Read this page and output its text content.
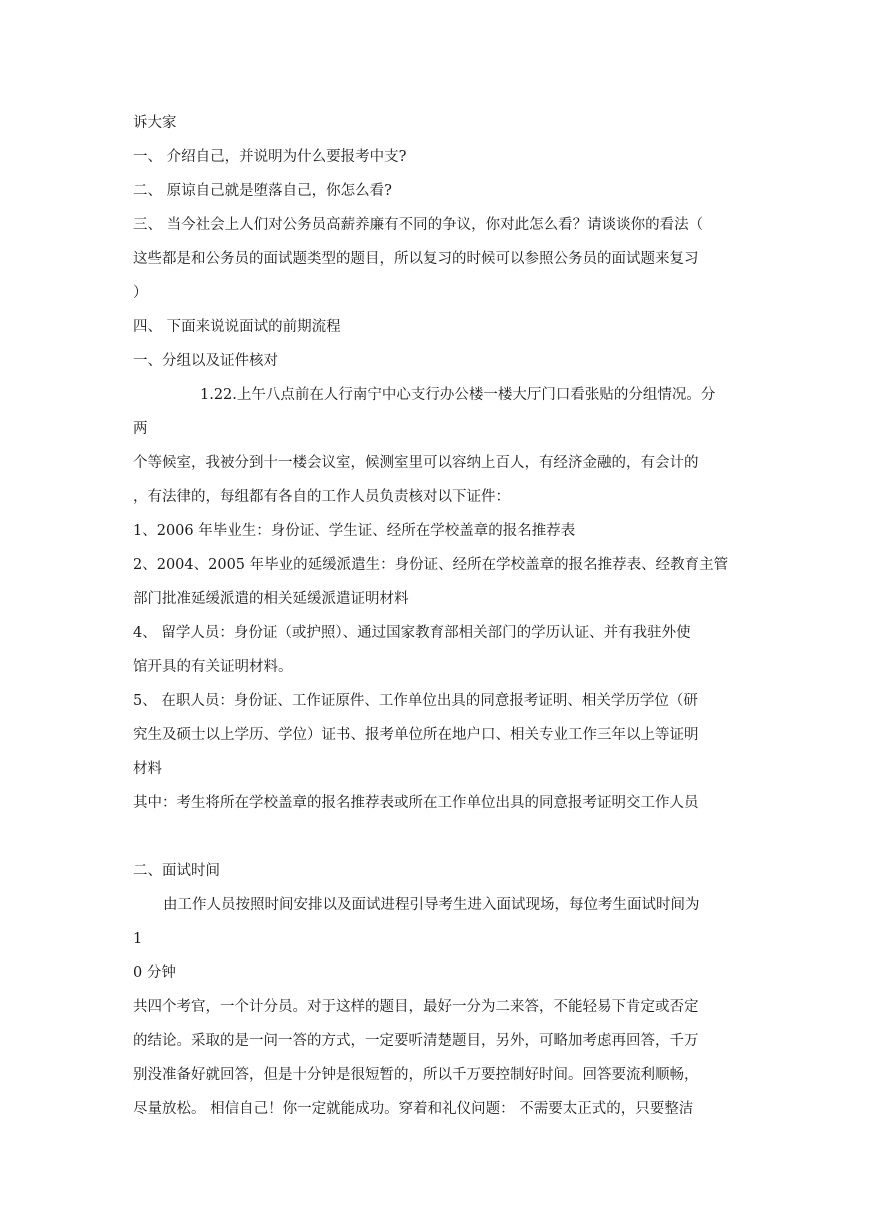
诉大家
一、 介绍自己，并说明为什么要报考中支?
二、 原谅自己就是堕落自己，你怎么看?
三、 当今社会上人们对公务员高薪养廉有不同的争议，你对此怎么看？请谈谈你的看法（
这些都是和公务员的面试题类型的题目，所以复习的时候可以参照公务员的面试题来复习
）
四、 下面来说说面试的前期流程
一、分组以及证件核对
1.22.上午八点前在人行南宁中心支行办公楼一楼大厅门口看张贴的分组情况。分
两
个等候室，我被分到十一楼会议室，候测室里可以容纳上百人，有经济金融的，有会计的
，有法律的，每组都有各自的工作人员负责核对以下证件：
1、2006 年毕业生：身份证、学生证、经所在学校盖章的报名推荐表
2、2004、2005 年毕业的延缓派遣生：身份证、经所在学校盖章的报名推荐表、经教育主管
部门批准延缓派遣的相关延缓派遣证明材料
4、 留学人员：身份证（或护照）、通过国家教育部相关部门的学历认证、并有我驻外使
馆开具的有关证明材料。
5、 在职人员：身份证、工作证原件、工作单位出具的同意报考证明、相关学历学位（研
究生及硕士以上学历、学位）证书、报考单位所在地户口、相关专业工作三年以上等证明
材料
其中：考生将所在学校盖章的报名推荐表或所在工作单位出具的同意报考证明交工作人员
二、面试时间
由工作人员按照时间安排以及面试进程引导考生进入面试现场，每位考生面试时间为
1
0 分钟
共四个考官，一个计分员。对于这样的题目，最好一分为二来答，不能轻易下肯定或否定
的结论。采取的是一问一答的方式，一定要听清楚题目，另外，可略加考虑再回答，千万
别没准备好就回答，但是十分钟是很短暂的，所以千万要控制好时间。回答要流利顺畅，
尽量放松。 相信自己！你一定就能成功。穿着和礼仪问题： 不需要太正式的，只要整洁
